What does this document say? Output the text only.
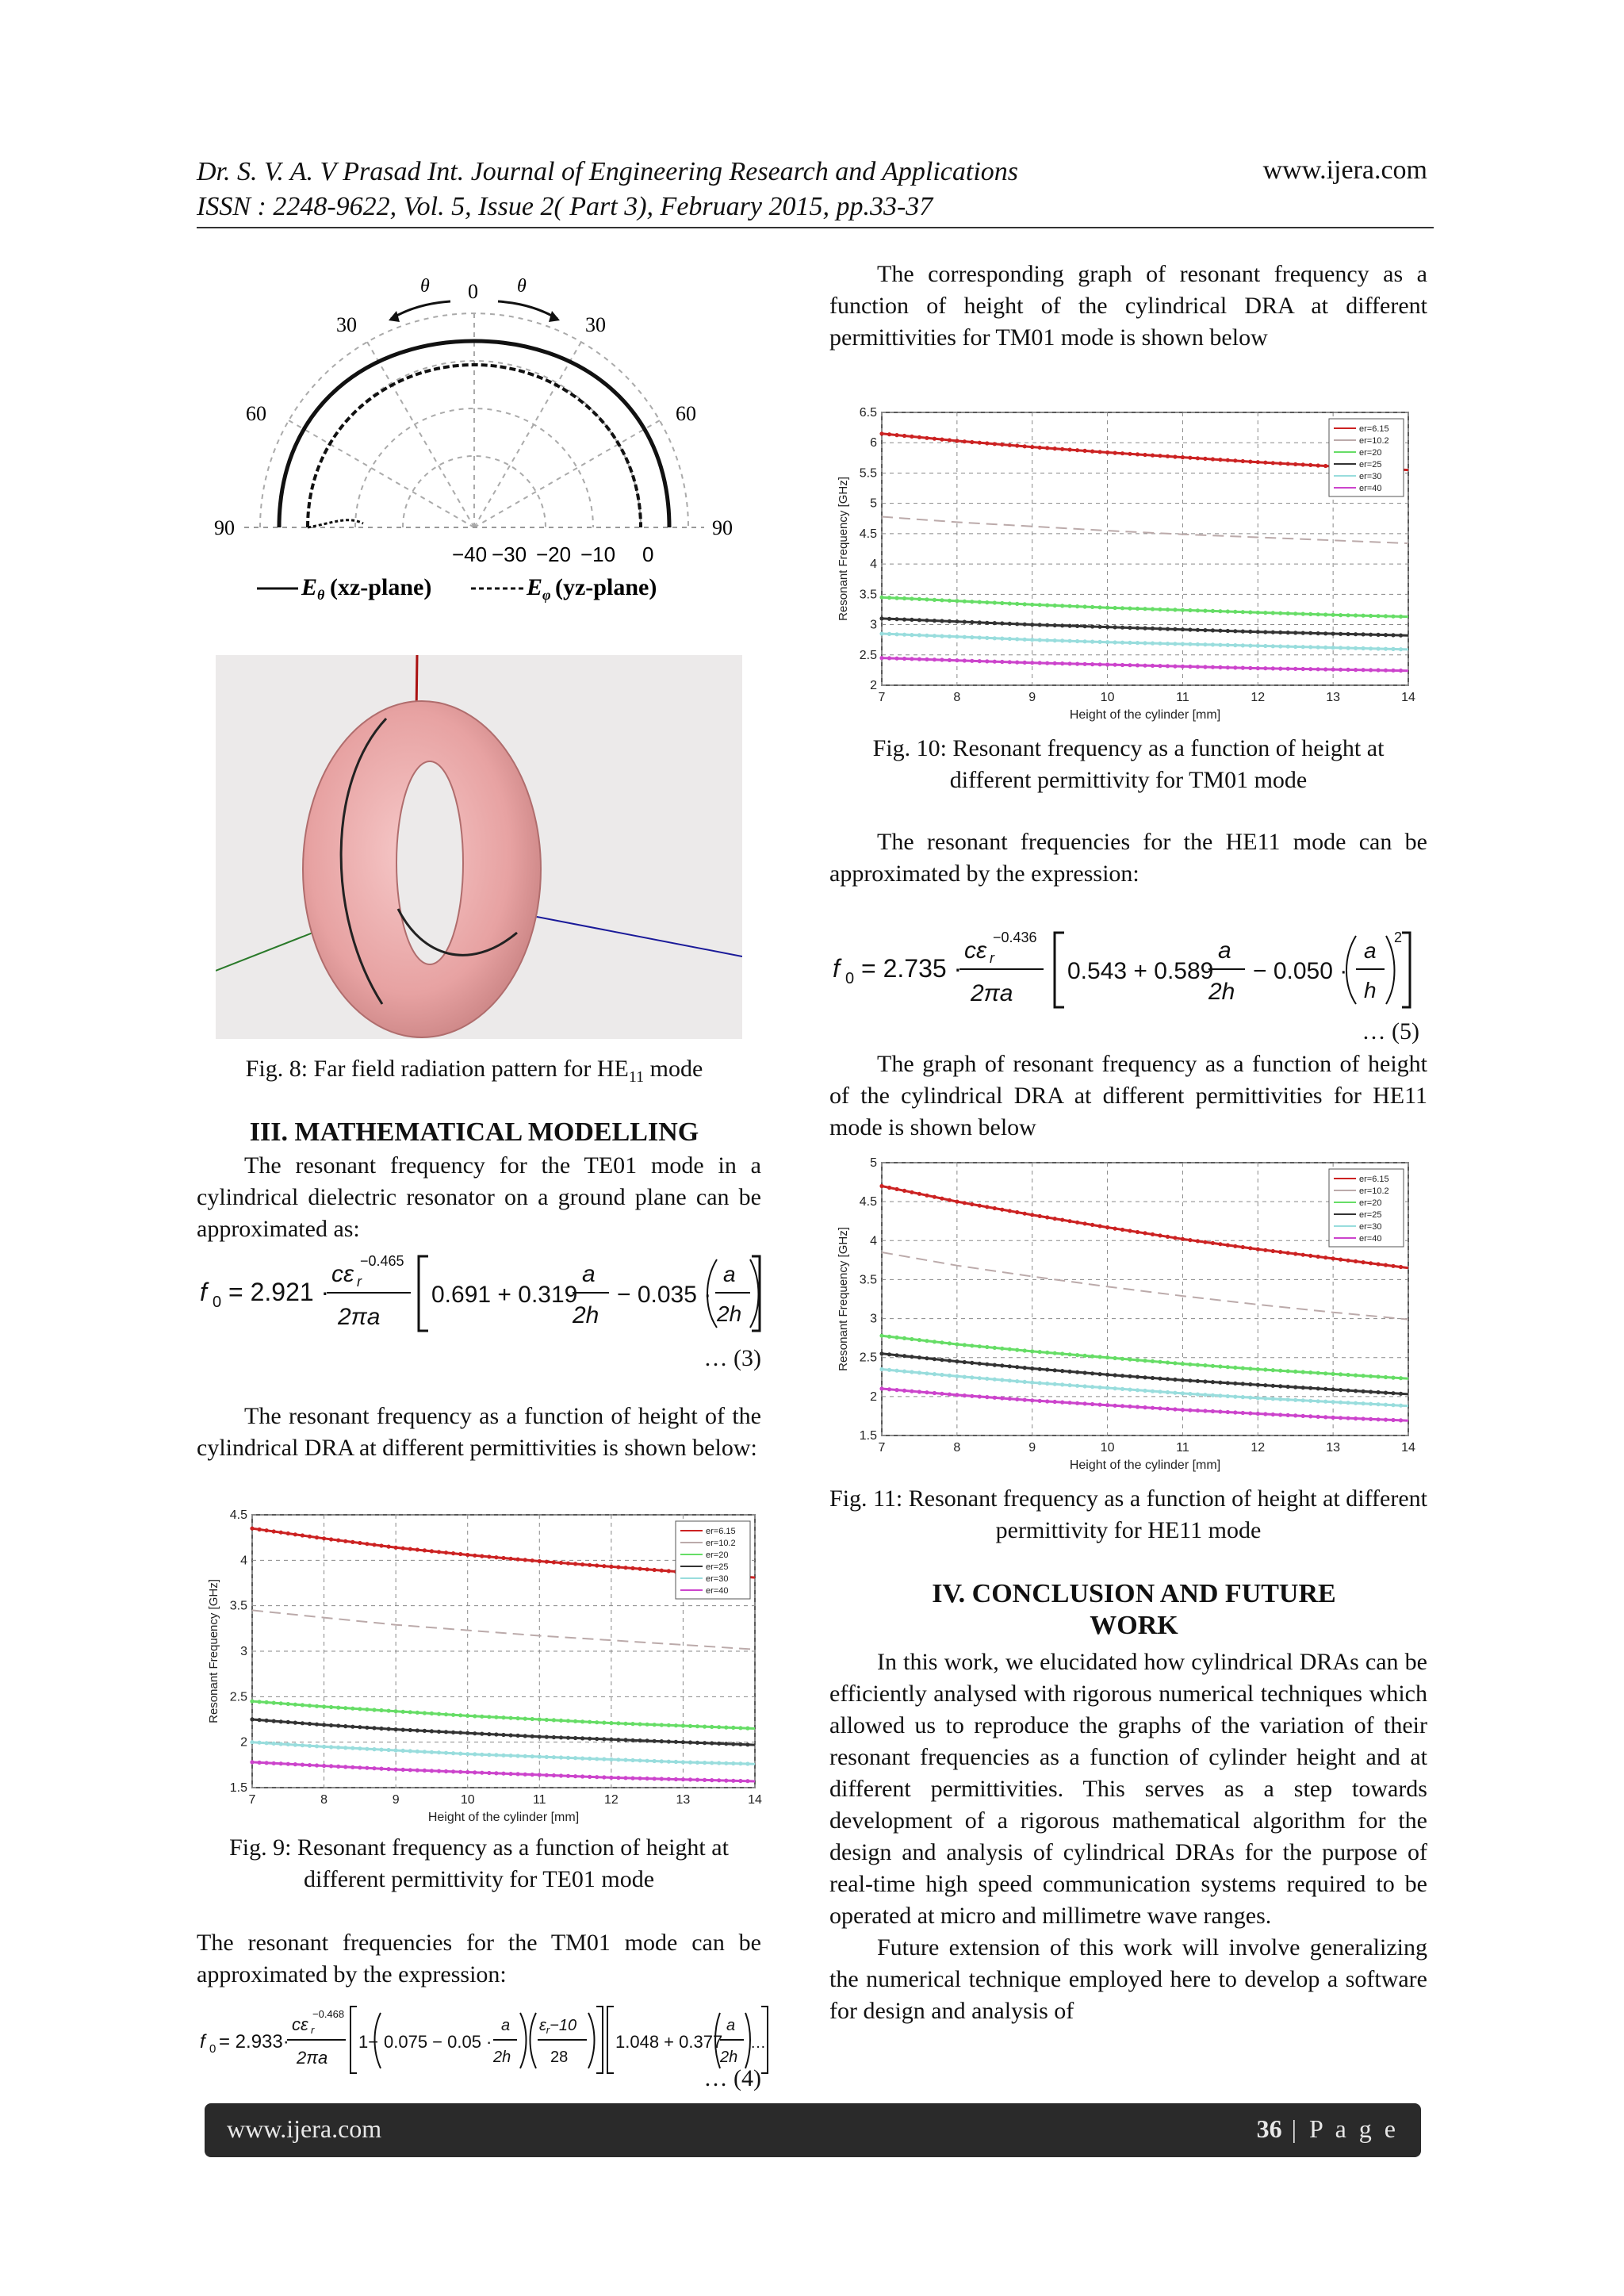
Dr. S. V. A. V Prasad Int. Journal of Engineering Research and Applications	www.ijera.com
ISSN : 2248-9622, Vol. 5, Issue 2( Part 3), February 2015, pp.33-37
0
θ	θ
30	30
60	60
90	90
−40 −30 −20 −10 0
$E_\theta$ (xz-plane)	$E_\varphi$ (yz-plane)
Fig. 8: Far field radiation pattern for $HE_{11}$ mode
III. MATHEMATICAL MODELLING

The resonant frequency for the TE01 mode in a cylindrical dielectric resonator on a ground plane can be approximated as:

f 0 = 2.921 ·
cε r
−0.465
2πa
0.691 + 0.319
a
2h
− 0.035 ·
a
2h
… (3)

The resonant frequency as a function of height of the cylindrical DRA at different permittivities is shown below:

7	8	9	10	11	12	13	14
1.5
2
2.5
3
3.5
4
4.5
Height of the cylinder [mm]
Resonant Frequency [GHz]
er=6.15
er=10.2
er=20
er=25
er=30
er=40
Fig. 9: Resonant frequency as a function of height at different permittivity for TE01 mode

The resonant frequencies for the TM01 mode can be approximated by the expression:

f 0 = 2.933·
cε r
−0.468
2πa
1− 0.075 − 0.05 ·
a
2h
$\varepsilon_r-10$
28
1.048 + 0.377
a
2h
…
… (4)

The corresponding graph of resonant frequency as a function of height of the cylindrical DRA at different permittivities for TM01 mode is shown below

7	8	9	10	11	12	13	14
2
2.5
3
3.5
4
4.5
5
5.5
6
6.5
Height of the cylinder [mm]
Resonant Frequency [GHz]
er=6.15
er=10.2
er=20
er=25
er=30
er=40
Fig. 10: Resonant frequency as a function of height at different permittivity for TM01 mode

The resonant frequencies for the HE11 mode can be approximated by the expression:

f 0 = 2.735 ·
cε r
−0.436
2πa
0.543 + 0.589
a
2h
− 0.050 ·
a
h
2
… (5)

The graph of resonant frequency as a function of height of the cylindrical DRA at different permittivities for HE11 mode is shown below

7	8	9	10	11	12	13	14
1.5
2
2.5
3
3.5
4
4.5
5
Height of the cylinder [mm]
Resonant Frequency [GHz]
er=6.15
er=10.2
er=20
er=25
er=30
er=40
Fig. 11: Resonant frequency as a function of height at different permittivity for HE11 mode
IV. CONCLUSION AND FUTURE WORK

In this work, we elucidated how cylindrical DRAs can be efficiently analysed with rigorous numerical techniques which allowed us to reproduce the graphs of the variation of their resonant frequencies as a function of cylinder height and at different permittivities. This serves as a step towards development of a rigorous mathematical algorithm for the design and analysis of cylindrical DRAs for the purpose of real-time high speed communication systems required to be operated at micro and millimetre wave ranges.

Future extension of this work will involve generalizing the numerical technique employed here to develop a software for design and analysis of

www.ijera.com	36 | P a g e
